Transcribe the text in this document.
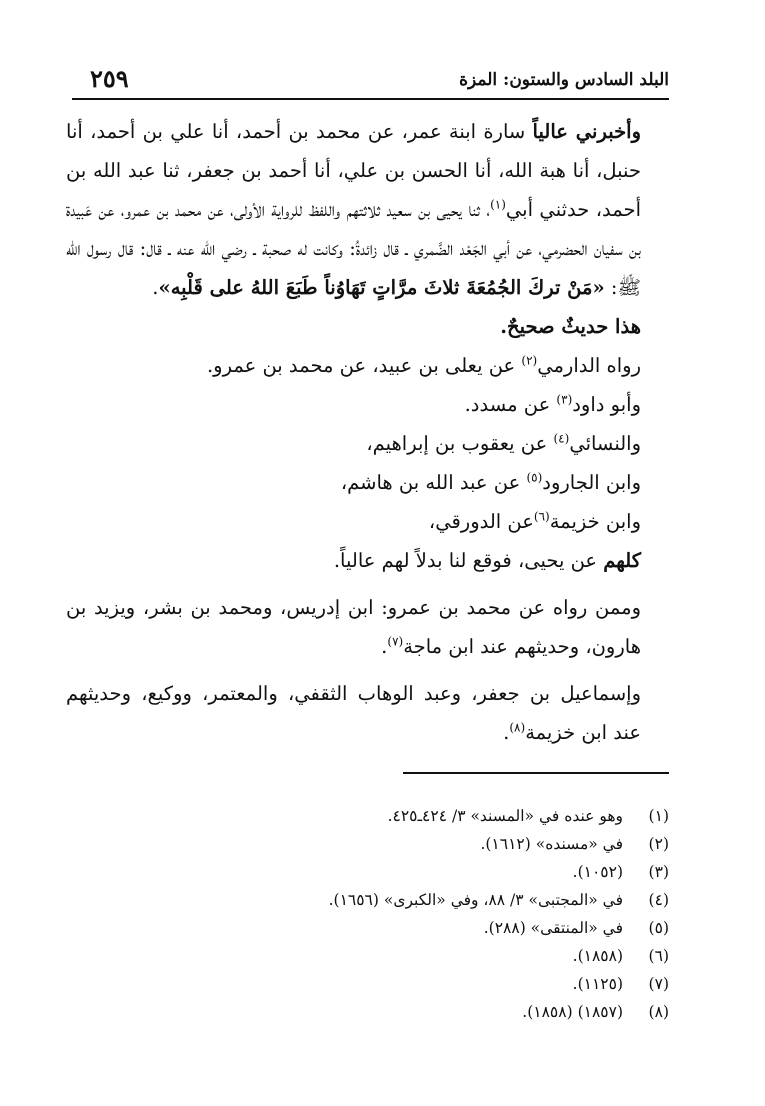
البلد السادس والستون: المزة
٢٥٩

وأخبرني عالياً سارة ابنة عمر، عن محمد بن أحمد، أنا علي بن أحمد، أنا حنبل، أنا هبة الله، أنا الحسن بن علي، أنا أحمد بن جعفر، ثنا عبد الله بن أحمد، حدثني أبي$^{(١)}$، ثنا يحيى بن سعيد ثلاثتهم واللفظ للرواية الأولى، عن محمد بن عمرو، عن عَبيدة بن سفيان الحضرمي، عن أبي الجَعْد الضَّمري ـ قال زائدةُ: وكانت له صحبة ـ رضي الله عنه ـ قال: قال رسول الله ﷺ: «مَنْ تركَ الجُمُعَةَ ثلاثَ مرَّاتٍ تَهَاوُناً طَبَعَ اللهُ على قَلْبِه».

هذا حديثٌ صحيحٌ.

رواه الدارمي$^{(٢)}$ عن يعلى بن عبيد، عن محمد بن عمرو.

وأبو داود$^{(٣)}$ عن مسدد.

والنسائي$^{(٤)}$ عن يعقوب بن إبراهيم،

وابن الجارود$^{(٥)}$ عن عبد الله بن هاشم،

وابن خزيمة$^{(٦)}$عن الدورقي،

كلهم عن يحيى، فوقع لنا بدلاً لهم عالياً.

وممن رواه عن محمد بن عمرو: ابن إدريس، ومحمد بن بشر، ويزيد بن هارون، وحديثهم عند ابن ماجة$^{(٧)}$.

وإسماعيل بن جعفر، وعبد الوهاب الثقفي، والمعتمر، ووكيع، وحديثهم عند ابن خزيمة$^{(٨)}$.

(١)
وهو عنده في «المسند» ٣/ ٤٢٤ـ٤٢٥.
(٢)
في «مسنده» (١٦١٢).
(٣)
(١٠٥٢).
(٤)
في «المجتبى» ٣/ ٨٨، وفي «الكبرى» (١٦٥٦).
(٥)
في «المنتقى» (٢٨٨).
(٦)
(١٨٥٨).
(٧)
(١١٢٥).
(٨)
(١٨٥٧) (١٨٥٨).
